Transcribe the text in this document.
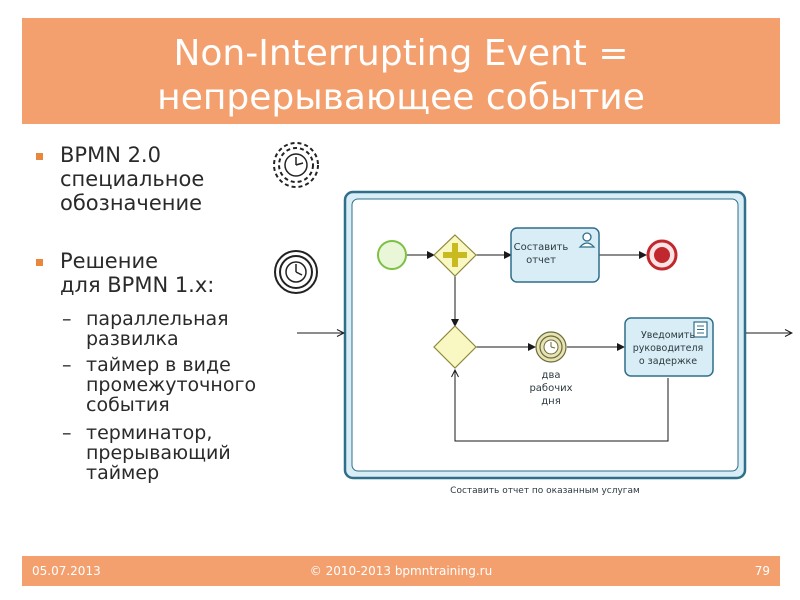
Non-Interrupting Event =
непрерывающее событие
BPMN 2.0
специальное
обозначение
Решение
для BPMN 1.x:
– параллельная
развилка
– таймер в виде
промежуточного
события
– терминатор,
прерывающий
таймер
Составить
отчет
два
рабочих
дня
Уведомить
руководителя
о задержке
Составить отчет по оказанным услугам
05.07.2013	© 2010-2013 bpmntraining.ru	79
